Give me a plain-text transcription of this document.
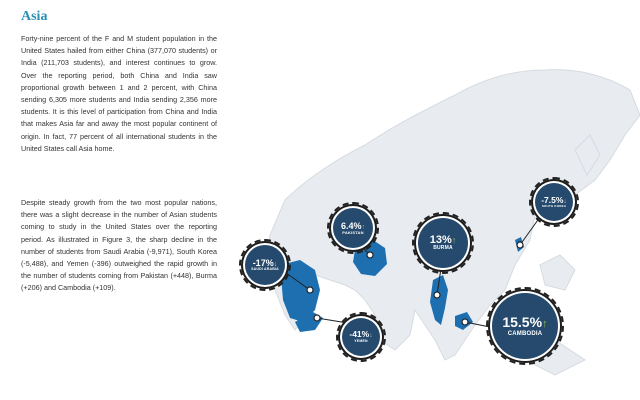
Asia

Forty-nine percent of the F and M student population in the United States hailed from either China (377,070 students) or India (211,703 students), and interest continues to grow. Over the reporting period, both China and India saw proportional growth between 1 and 2 percent, with China sending 6,305 more students and India sending 2,356 more students. It is this level of participation from China and India that makes Asia far and away the most popular continent of origin. In fact, 77 percent of all international students in the United States call Asia home.

Despite steady growth from the two most popular nations, there was a slight decrease in the number of Asian students coming to study in the United States over the reporting period. As illustrated in Figure 3, the sharp decline in the number of students from Saudi Arabia (-9,971), South Korea (-5,488), and Yemen (-396) outweighed the rapid growth in the number of students coming from Pakistan (+448), Burma (+206) and Cambodia (+109).

-17%↓
SAUDI ARABIA
6.4%↑
PAKISTAN
13%↑
BURMA
-7.5%↓
SOUTH KOREA
-41%↓
YEMEN
15.5%↑
CAMBODIA
